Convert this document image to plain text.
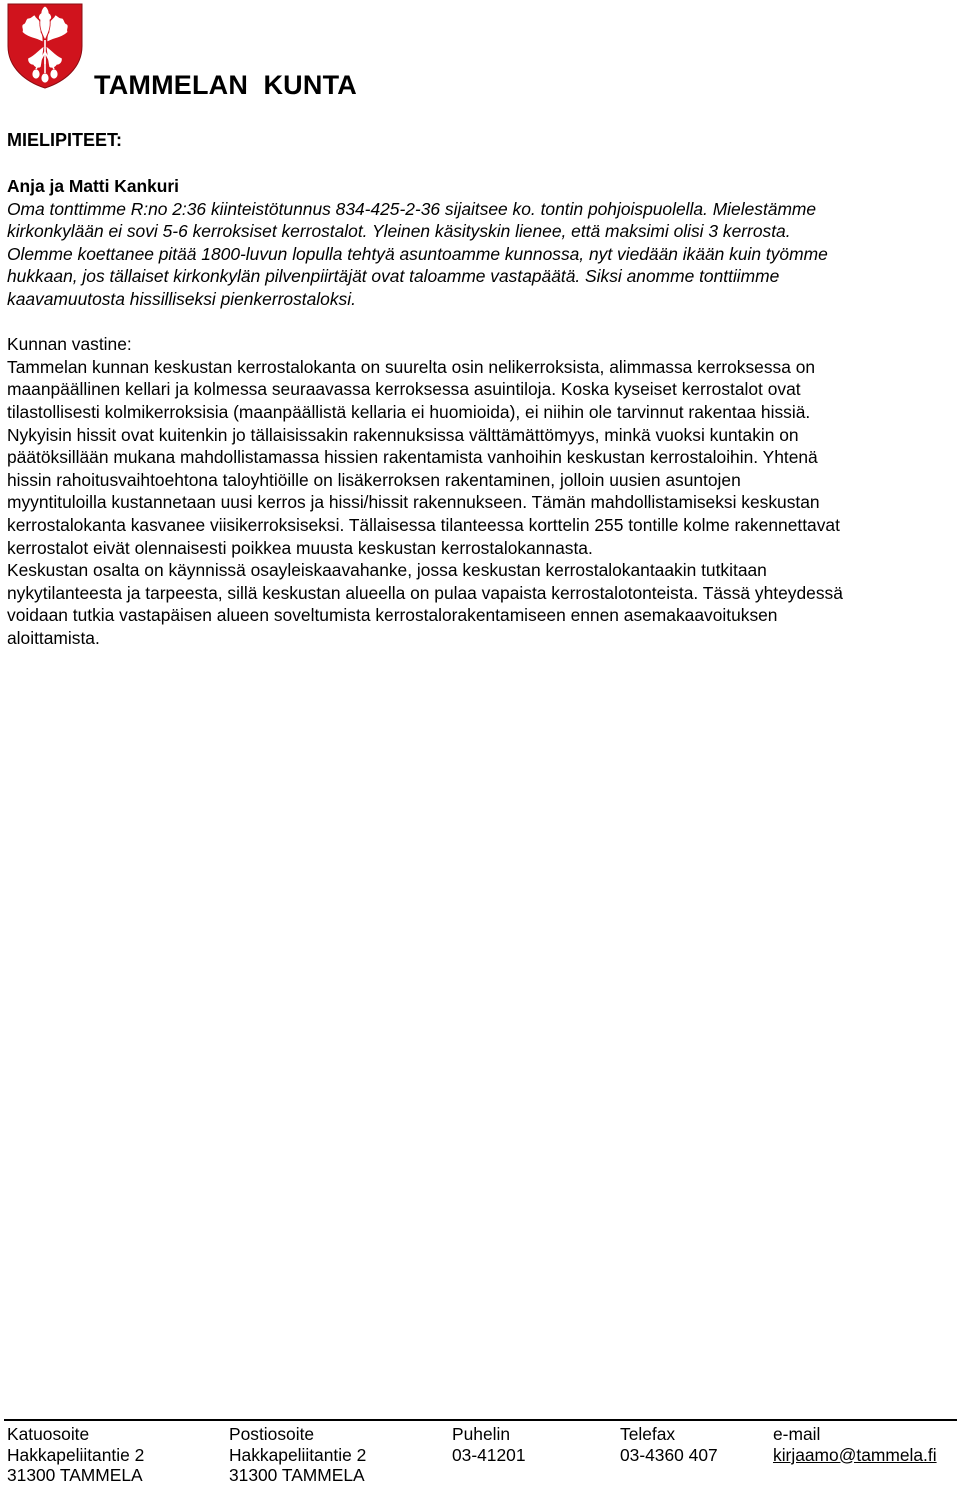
TAMMELAN  KUNTA
MIELIPITEET:

Anja ja Matti Kankuri

Oma tonttimme R:no 2:36 kiinteistötunnus 834-425-2-36 sijaitsee ko. tontin pohjoispuolella. Mielestämme

kirkonkylään ei sovi 5-6 kerroksiset kerrostalot. Yleinen käsityskin lienee, että maksimi olisi 3 kerrosta.

Olemme koettanee pitää 1800-luvun lopulla tehtyä asuntoamme kunnossa, nyt viedään ikään kuin työmme

hukkaan, jos tällaiset kirkonkylän pilvenpiirtäjät ovat taloamme vastapäätä. Siksi anomme tonttiimme

kaavamuutosta hissilliseksi pienkerrostaloksi.

Kunnan vastine:

Tammelan kunnan keskustan kerrostalokanta on suurelta osin nelikerroksista, alimmassa kerroksessa on

maanpäällinen kellari ja kolmessa seuraavassa kerroksessa asuintiloja. Koska kyseiset kerrostalot ovat

tilastollisesti kolmikerroksisia (maanpäällistä kellaria ei huomioida), ei niihin ole tarvinnut rakentaa hissiä.

Nykyisin hissit ovat kuitenkin jo tällaisissakin rakennuksissa välttämättömyys, minkä vuoksi kuntakin on

päätöksillään mukana mahdollistamassa hissien rakentamista vanhoihin keskustan kerrostaloihin. Yhtenä

hissin rahoitusvaihtoehtona taloyhtiöille on lisäkerroksen rakentaminen, jolloin uusien asuntojen

myyntituloilla kustannetaan uusi kerros ja hissi/hissit rakennukseen. Tämän mahdollistamiseksi keskustan

kerrostalokanta kasvanee viisikerroksiseksi. Tällaisessa tilanteessa korttelin 255 tontille kolme rakennettavat

kerrostalot eivät olennaisesti poikkea muusta keskustan kerrostalokannasta.

Keskustan osalta on käynnissä osayleiskaavahanke, jossa keskustan kerrostalokantaakin tutkitaan

nykytilanteesta ja tarpeesta, sillä keskustan alueella on pulaa vapaista kerrostalotonteista. Tässä yhteydessä

voidaan tutkia vastapäisen alueen soveltumista kerrostalorakentamiseen ennen asemakaavoituksen

aloittamista.

Katuosoite
Hakkapeliitantie 2
31300 TAMMELA
Postiosoite
Hakkapeliitantie 2
31300 TAMMELA
Puhelin
03-41201
Telefax
03-4360 407
e-mail
kirjaamo@tammela.fi
